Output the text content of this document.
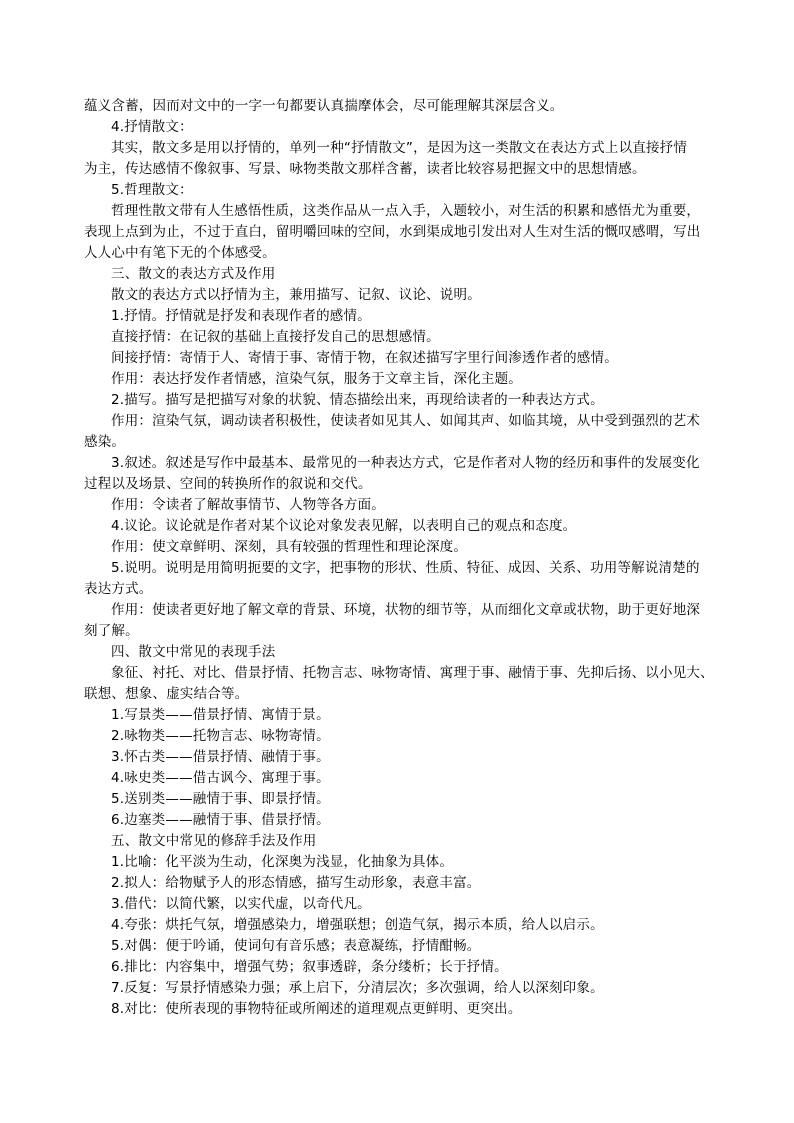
蕴义含蓄，因而对文中的一字一句都要认真揣摩体会，尽可能理解其深层含义。

4.抒情散文：

其实，散文多是用以抒情的，单列一种“抒情散文”，是因为这一类散文在表达方式上以直接抒情

为主，传达感情不像叙事、写景、咏物类散文那样含蓄，读者比较容易把握文中的思想情感。

5.哲理散文：

哲理性散文带有人生感悟性质，这类作品从一点入手，入题较小，对生活的积累和感悟尤为重要，

表现上点到为止，不过于直白，留明嚼回味的空间，水到渠成地引发出对人生对生活的慨叹感喟，写出

人人心中有笔下无的个体感受。

三、散文的表达方式及作用

散文的表达方式以抒情为主，兼用描写、记叙、议论、说明。

1.抒情。抒情就是抒发和表现作者的感情。

直接抒情：在记叙的基础上直接抒发自己的思想感情。

间接抒情：寄情于人、寄情于事、寄情于物，在叙述描写字里行间渗透作者的感情。

作用：表达抒发作者情感，渲染气氛，服务于文章主旨，深化主题。

2.描写。描写是把描写对象的状貌、情态描绘出来，再现给读者的一种表达方式。

作用：渲染气氛，调动读者积极性，使读者如见其人、如闻其声、如临其境，从中受到强烈的艺术

感染。

3.叙述。叙述是写作中最基本、最常见的一种表达方式，它是作者对人物的经历和事件的发展变化

过程以及场景、空间的转换所作的叙说和交代。

作用：令读者了解故事情节、人物等各方面。

4.议论。议论就是作者对某个议论对象发表见解，以表明自己的观点和态度。

作用：使文章鲜明、深刻，具有较强的哲理性和理论深度。

5.说明。说明是用简明扼要的文字，把事物的形状、性质、特征、成因、关系、功用等解说清楚的

表达方式。

作用：使读者更好地了解文章的背景、环境，状物的细节等，从而细化文章或状物，助于更好地深

刻了解。

四、散文中常见的表现手法

象征、衬托、对比、借景抒情、托物言志、咏物寄情、寓理于事、融情于事、先抑后扬、以小见大、

联想、想象、虚实结合等。

1.写景类——借景抒情、寓情于景。

2.咏物类——托物言志、咏物寄情。

3.怀古类——借景抒情、融情于事。

4.咏史类——借古讽今、寓理于事。

5.送别类——融情于事、即景抒情。

6.边塞类——融情于事、借景抒情。

五、散文中常见的修辞手法及作用

1.比喻：化平淡为生动，化深奥为浅显，化抽象为具体。

2.拟人：给物赋予人的形态情感，描写生动形象，表意丰富。

3.借代：以简代繁，以实代虚，以奇代凡。

4.夸张：烘托气氛，增强感染力，增强联想；创造气氛，揭示本质，给人以启示。

5.对偶：便于吟诵，使词句有音乐感；表意凝练，抒情酣畅。

6.排比：内容集中，增强气势；叙事透辟，条分缕析；长于抒情。

7.反复：写景抒情感染力强；承上启下，分清层次；多次强调，给人以深刻印象。

8.对比：使所表现的事物特征或所阐述的道理观点更鲜明、更突出。
